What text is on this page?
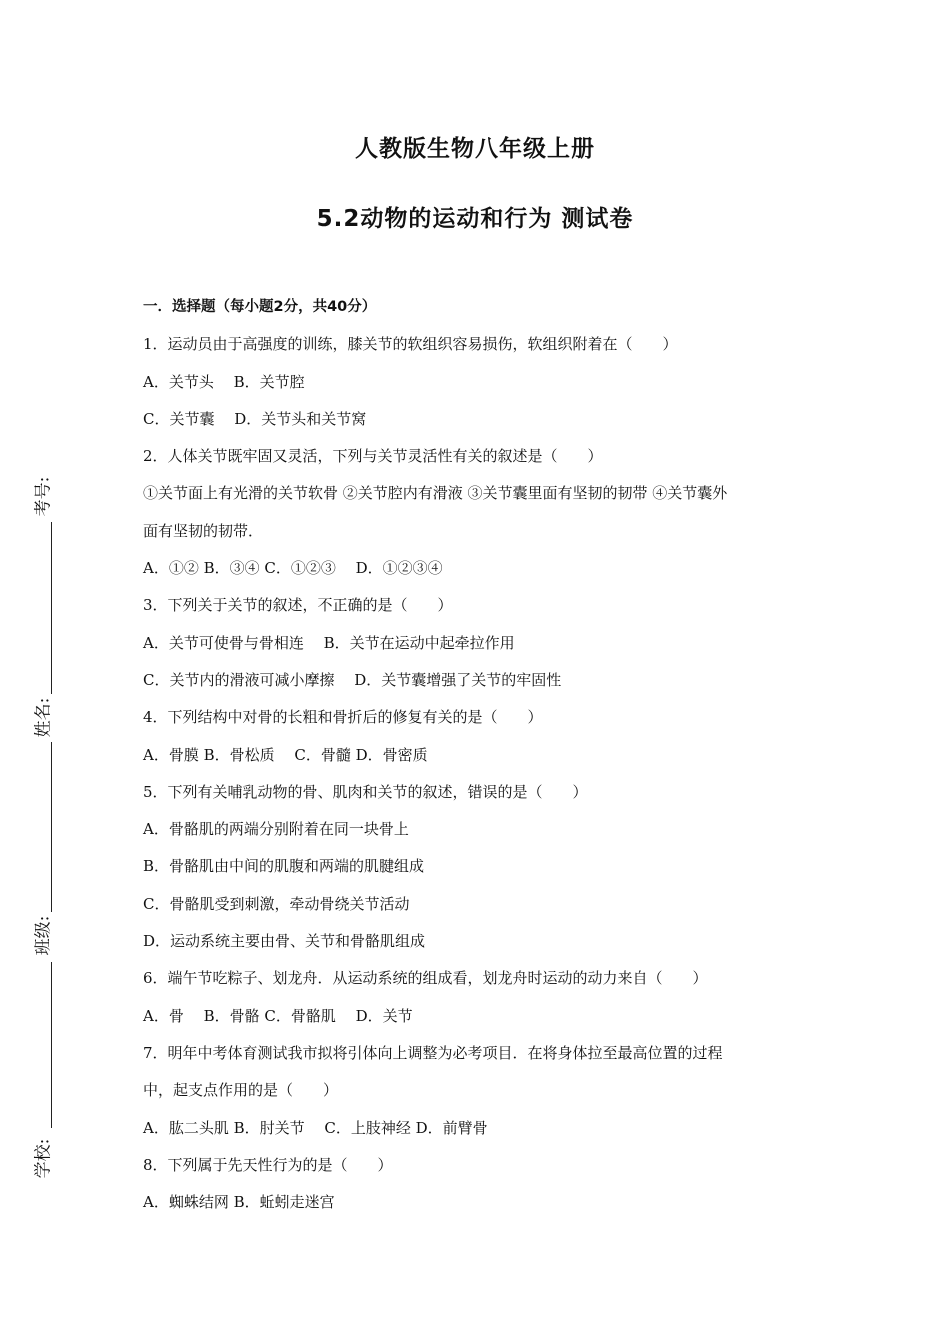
人教版生物八年级上册
5.2动物的运动和行为 测试卷
考号:
姓名:
班级:
学校:
一．选择题（每小题2分，共40分）
1．运动员由于高强度的训练，膝关节的软组织容易损伤，软组织附着在（　　）
A．关节头　 B．关节腔
C．关节囊　 D．关节头和关节窝
2．人体关节既牢固又灵活，下列与关节灵活性有关的叙述是（　　）
①关节面上有光滑的关节软骨 ②关节腔内有滑液 ③关节囊里面有坚韧的韧带 ④关节囊外
面有坚韧的韧带．
A．①② B．③④ C．①②③　 D．①②③④
3．下列关于关节的叙述，不正确的是（　　）
A．关节可使骨与骨相连　 B．关节在运动中起牵拉作用
C．关节内的滑液可减小摩擦　 D．关节囊增强了关节的牢固性
4．下列结构中对骨的长粗和骨折后的修复有关的是（　　）
A．骨膜 B．骨松质　 C．骨髓 D．骨密质
5．下列有关哺乳动物的骨、肌肉和关节的叙述，错误的是（　　）
A．骨骼肌的两端分别附着在同一块骨上
B．骨骼肌由中间的肌腹和两端的肌腱组成
C．骨骼肌受到刺激，牵动骨绕关节活动
D．运动系统主要由骨、关节和骨骼肌组成
6．端午节吃粽子、划龙舟．从运动系统的组成看，划龙舟时运动的动力来自（　　）
A．骨　 B．骨骼 C．骨骼肌　 D．关节
7．明年中考体育测试我市拟将引体向上调整为必考项目．在将身体拉至最高位置的过程
中，起支点作用的是（　　）
A．肱二头肌 B．肘关节　 C．上肢神经 D．前臂骨
8．下列属于先天性行为的是（　　）
A．蜘蛛结网 B．蚯蚓走迷宫
